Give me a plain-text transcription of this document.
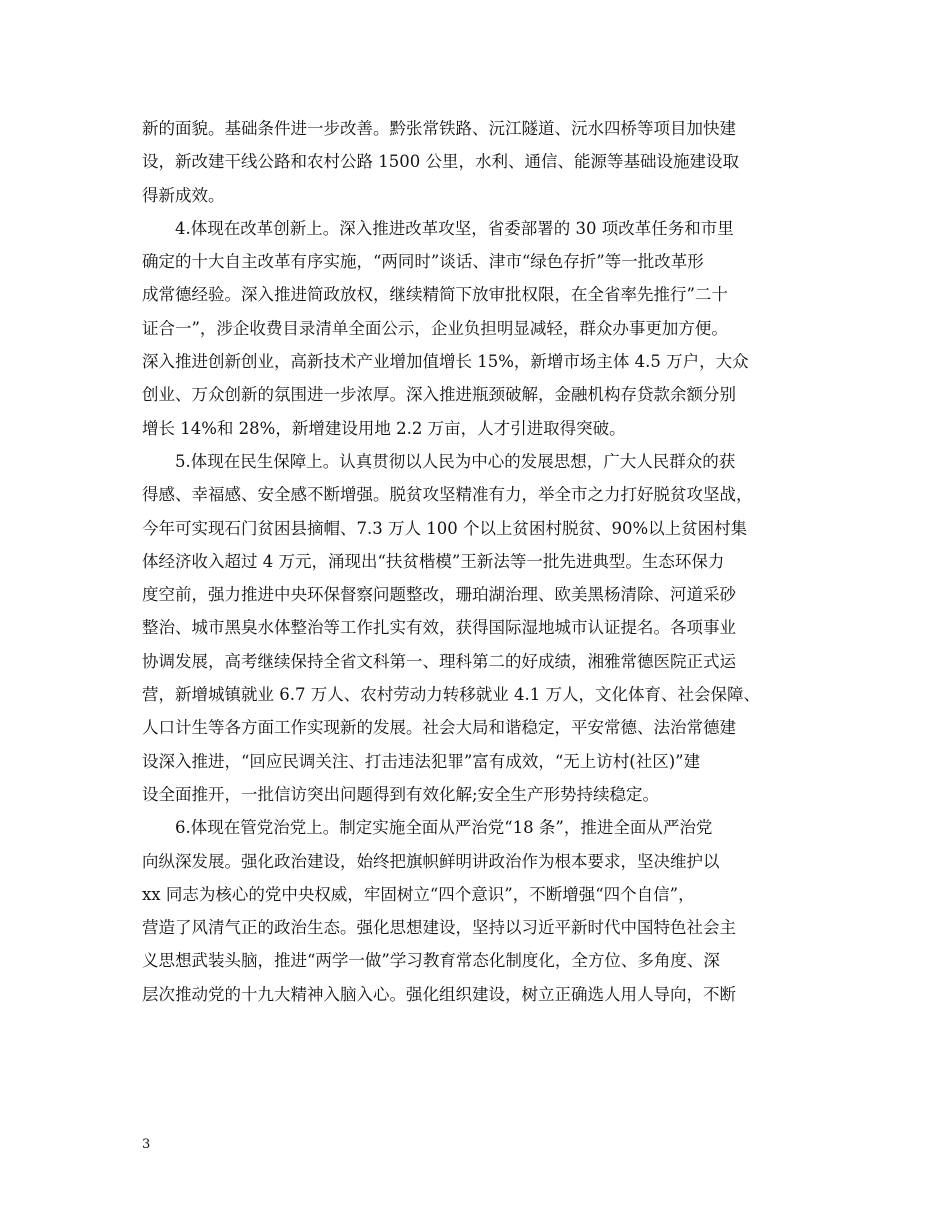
新的面貌。基础条件进一步改善。黔张常铁路、沅江隧道、沅水四桥等项目加快建
设，新改建干线公路和农村公路 1500 公里，水利、通信、能源等基础设施建设取
得新成效。
4.体现在改革创新上。深入推进改革攻坚，省委部署的 30 项改革任务和市里
确定的十大自主改革有序实施，“两同时”谈话、津市“绿色存折”等一批改革形
成常德经验。深入推进简政放权，继续精简下放审批权限，在全省率先推行”二十
证合一”，涉企收费目录清单全面公示，企业负担明显减轻，群众办事更加方便。
深入推进创新创业，高新技术产业增加值增长 15%，新增市场主体 4.5 万户，大众
创业、万众创新的氛围进一步浓厚。深入推进瓶颈破解，金融机构存贷款余额分别
增长 14%和 28%，新增建设用地 2.2 万亩，人才引进取得突破。
5.体现在民生保障上。认真贯彻以人民为中心的发展思想，广大人民群众的获
得感、幸福感、安全感不断增强。脱贫攻坚精准有力，举全市之力打好脱贫攻坚战，
今年可实现石门贫困县摘帽、7.3 万人 100 个以上贫困村脱贫、90%以上贫困村集
体经济收入超过 4 万元，涌现出“扶贫楷模”王新法等一批先进典型。生态环保力
度空前，强力推进中央环保督察问题整改，珊珀湖治理、欧美黑杨清除、河道采砂
整治、城市黑臭水体整治等工作扎实有效，获得国际湿地城市认证提名。各项事业
协调发展，高考继续保持全省文科第一、理科第二的好成绩，湘雅常德医院正式运
营，新增城镇就业 6.7 万人、农村劳动力转移就业 4.1 万人，文化体育、社会保障、
人口计生等各方面工作实现新的发展。社会大局和谐稳定，平安常德、法治常德建
设深入推进，“回应民调关注、打击违法犯罪”富有成效，“无上访村(社区)”建
设全面推开，一批信访突出问题得到有效化解;安全生产形势持续稳定。
6.体现在管党治党上。制定实施全面从严治党“18 条”，推进全面从严治党
向纵深发展。强化政治建设，始终把旗帜鲜明讲政治作为根本要求，坚决维护以
xx 同志为核心的党中央权威，牢固树立“四个意识”，不断增强“四个自信”，
营造了风清气正的政治生态。强化思想建设，坚持以习近平新时代中国特色社会主
义思想武装头脑，推进“两学一做”学习教育常态化制度化，全方位、多角度、深
层次推动党的十九大精神入脑入心。强化组织建设，树立正确选人用人导向，不断
3
